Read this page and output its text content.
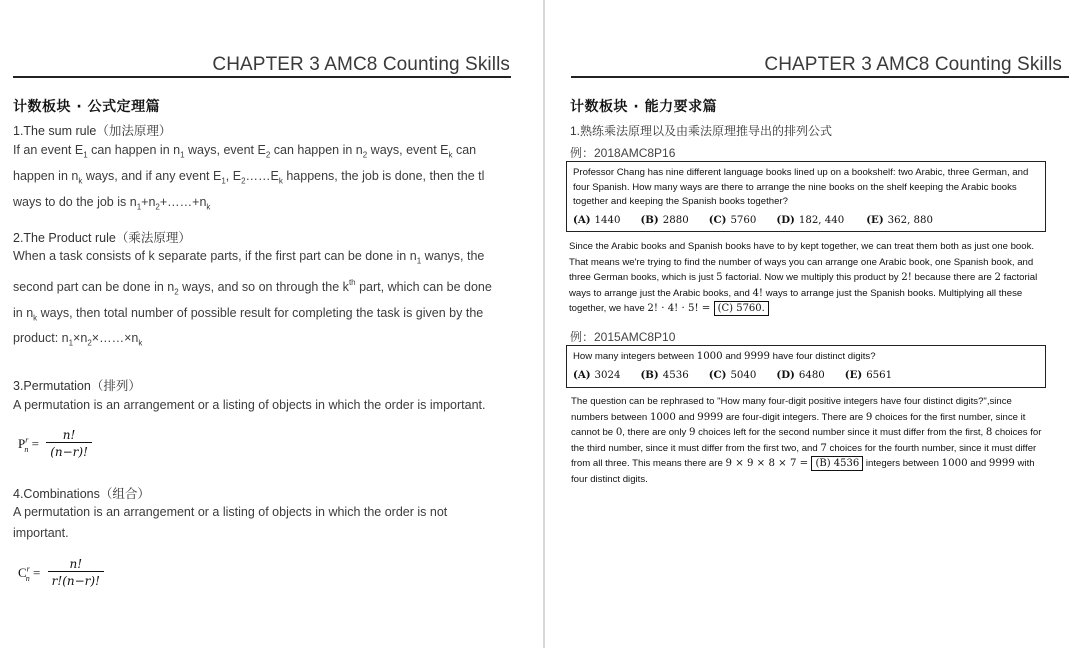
CHAPTER 3 AMC8 Counting Skills
计数板块 · 公式定理篇
1.The sum rule（加法原理）
If an event $E_1$ can happen in $n_1$ ways, event $E_2$ can happen in $n_2$ ways, event $E_k$ can
happen in $n_k$ ways, and if any event $E_1$, $E_2\dots\dots E_k$ happens, the job is done, then the tl
ways to do the job is $n_1+n_2+\dots\dots+n_k$
2.The Product rule（乘法原理）
When a task consists of k separate parts, if the first part can be done in $n_1$ wanys, the
second part can be done in $n_2$ ways, and so on through the $k^{th}$ part, which can be done
in $n_k$ ways, then total number of possible result for completing the task is given by the
product: $n_1\times n_2\times\dots\dots\times n_k$
3.Permutation（排列）
A permutation is an arrangement or a listing of objects in which the order is important.
$P^r_n = \frac{n!}{(n-r)!}$
4.Combinations（组合）
A permutation is an arrangement or a listing of objects in which the order is not
important.
$C^r_n = \frac{n!}{r!(n-r)!}$
CHAPTER 3 AMC8 Counting Skills
计数板块 · 能力要求篇
1.熟练乘法原理以及由乘法原理推导出的排列公式
例：2018AMC8P16
Professor Chang has nine different language books lined up on a bookshelf: two Arabic, three German, and four Spanish. How many ways are there to arrange the nine books on the shelf keeping the Arabic books together and keeping the Spanish books together?
(A) 1440 (B) 2880 (C) 5760 (D) 182, 440 (E) 362, 880
Since the Arabic books and Spanish books have to by kept together, we can treat them both as just one book. That means we're trying to find the number of ways you can arrange one Arabic book, one Spanish book, and three German books, which is just 5 factorial. Now we multiply this product by 2! because there are 2 factorial ways to arrange just the Arabic books, and 4! ways to arrange just the Spanish books. Multiplying all these together, we have 2! · 4! · 5! = (C) 5760.
例：2015AMC8P10
How many integers between 1000 and 9999 have four distinct digits?
(A) 3024 (B) 4536 (C) 5040 (D) 6480 (E) 6561
The question can be rephrased to "How many four-digit positive integers have four distinct digits?",since numbers between 1000 and 9999 are four-digit integers. There are 9 choices for the first number, since it cannot be 0, there are only 9 choices left for the second number since it must differ from the first, 8 choices for the third number, since it must differ from the first two, and 7 choices for the fourth number, since it must differ from all three. This means there are 9 × 9 × 8 × 7 = (B) 4536 integers between 1000 and 9999 with four distinct digits.
